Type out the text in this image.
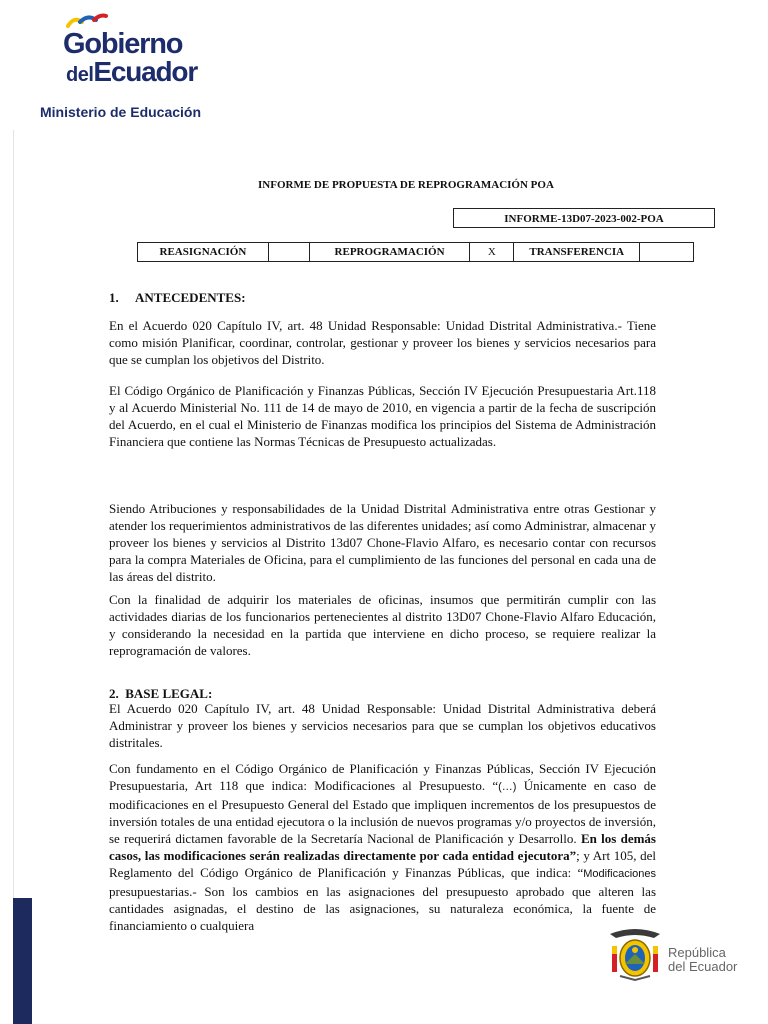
Gobierno
delEcuador
Ministerio de Educación
INFORME DE PROPUESTA DE REPROGRAMACIÓN POA
INFORME-13D07-2023-002-POA
REASIGNACIÓN		REPROGRAMACIÓN	X	TRANSFERENCIA	
1.     ANTECEDENTES:

En el Acuerdo 020 Capítulo IV, art. 48 Unidad Responsable: Unidad Distrital Administrativa.- Tiene como misión Planificar, coordinar, controlar, gestionar y proveer los bienes y servicios necesarios para que se cumplan los objetivos del Distrito.

El Código Orgánico de Planificación y Finanzas Públicas, Sección IV Ejecución Presupuestaria Art.118 y al Acuerdo Ministerial No. 111 de 14 de mayo de 2010, en vigencia a partir de la fecha de suscripción del Acuerdo, en el cual el Ministerio de Finanzas modifica los principios del Sistema de Administración Financiera que contiene las Normas Técnicas de Presupuesto actualizadas.

Siendo Atribuciones y responsabilidades de la Unidad Distrital Administrativa entre otras Gestionar y atender los requerimientos administrativos de las diferentes unidades; así como Administrar, almacenar y proveer los bienes y servicios al Distrito 13d07 Chone-Flavio Alfaro, es necesario contar con recursos para la compra Materiales de Oficina, para el cumplimiento de las funciones del personal en cada una de las áreas del distrito.

Con la finalidad de adquirir los materiales de oficinas, insumos que permitirán cumplir con las actividades diarias de los funcionarios pertenecientes al distrito 13D07 Chone-Flavio Alfaro Educación, y considerando la necesidad en la partida que interviene en dicho proceso, se requiere realizar la reprogramación de valores.

2.  BASE LEGAL:

El Acuerdo 020 Capítulo IV, art. 48 Unidad Responsable: Unidad Distrital Administrativa deberá Administrar y proveer los bienes y servicios necesarios para que se cumplan los objetivos educativos distritales.

Con fundamento en el Código Orgánico de Planificación y Finanzas Públicas, Sección IV Ejecución Presupuestaria, Art 118 que indica: Modificaciones al Presupuesto. “(…) Únicamente en caso de modificaciones en el Presupuesto General del Estado que impliquen incrementos de los presupuestos de inversión totales de una entidad ejecutora o la inclusión de nuevos programas y/o proyectos de inversión, se requerirá dictamen favorable de la Secretaría Nacional de Planificación y Desarrollo. En los demás casos, las modificaciones serán realizadas directamente por cada entidad ejecutora”; y Art 105, del Reglamento del Código Orgánico de Planificación y Finanzas Públicas, que indica: “Modificaciones presupuestarias.- Son los cambios en las asignaciones del presupuesto aprobado que alteren las cantidades asignadas, el destino de las asignaciones, su naturaleza económica, la fuente de financiamiento o cualquiera

República
del Ecuador
